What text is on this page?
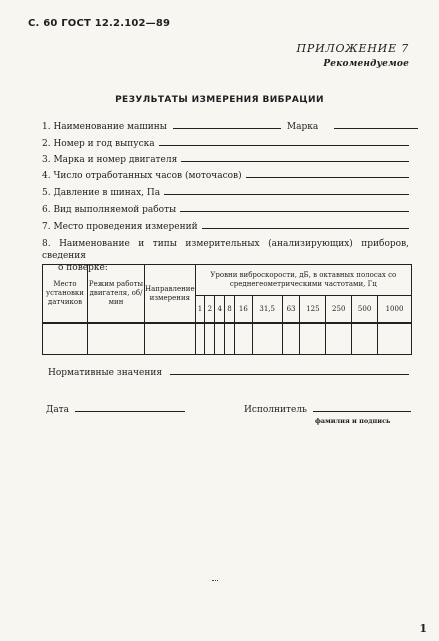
С. 60 ГОСТ 12.2.102—89
ПРИЛОЖЕНИЕ 7
Рекомендуемое
РЕЗУЛЬТАТЫ ИЗМЕРЕНИЯ ВИБРАЦИИ
1. Наименование машины	Марка
2. Номер и год выпуска
3. Марка и номер двигателя
4. Число отработанных часов (моточасов)
5. Давление в шинах, Па
6. Вид выполняемой работы
7. Место проведения измерений
8. Наименование и типы измерительных (анализирующих) приборов, сведения
о поверке:
Место установки датчиков	Режим работы двигателя, об/мин	Направление измерения	Уровни виброскорости, дБ, в октавных полосах со среднегеометрическими частотами, Гц										
			1	2	4	8	16	31,5	63	125	250	500	1000

Нормативные значения
Дата	Исполнитель
фамилия и подпись
1
